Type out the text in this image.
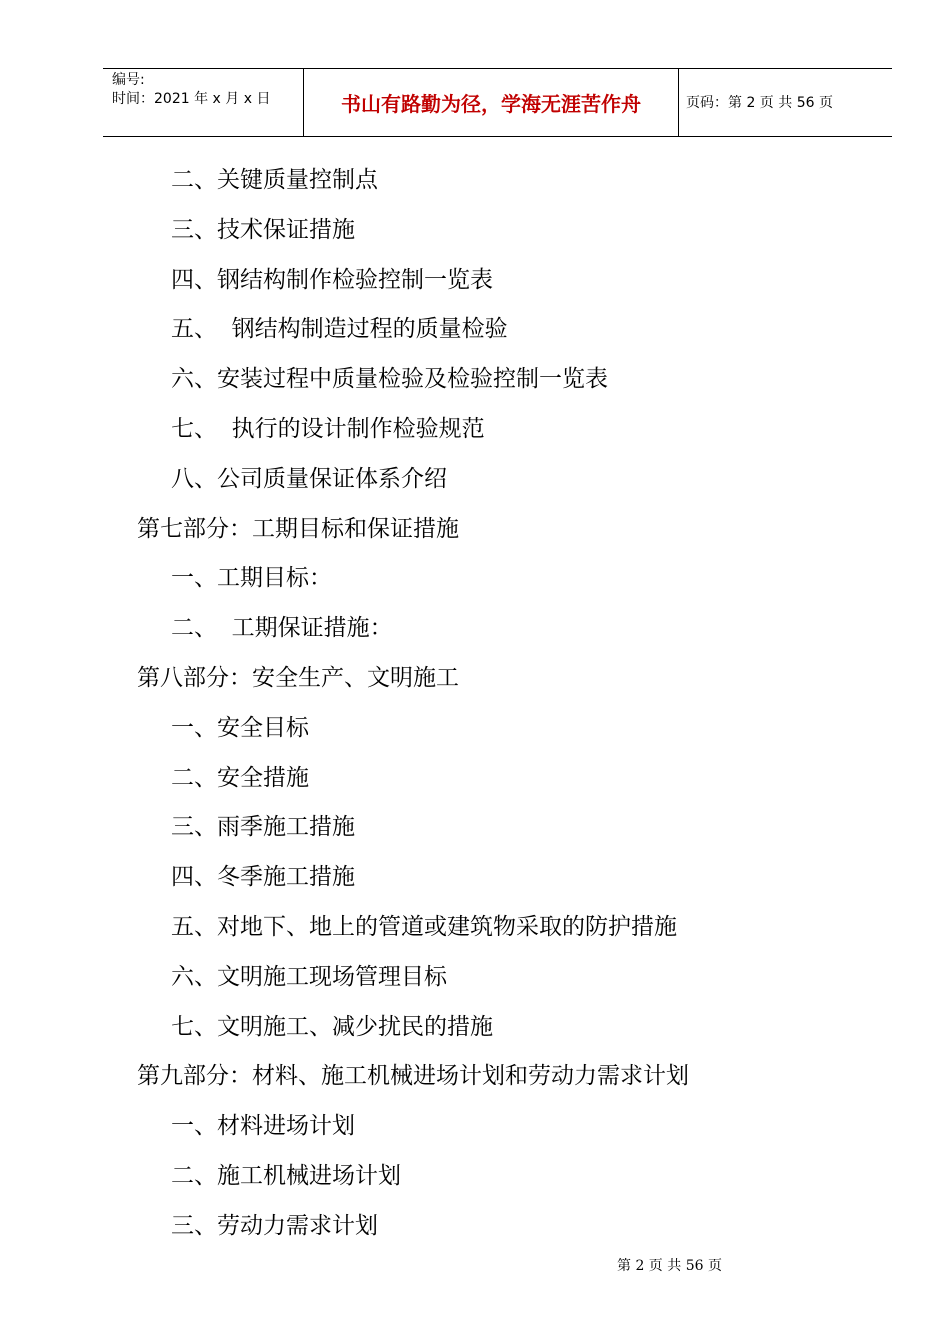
编号:
时间：2021 年 x 月 x 日	书山有路勤为径，学海无涯苦作舟	页码：第 2 页 共 56 页
二、关键质量控制点
三、技术保证措施
四、钢结构制作检验控制一览表
五、  钢结构制造过程的质量检验
六、安装过程中质量检验及检验控制一览表
七、  执行的设计制作检验规范
八、公司质量保证体系介绍
第七部分：工期目标和保证措施
一、工期目标：
二、  工期保证措施：
第八部分：安全生产、文明施工
一、安全目标
二、安全措施
三、雨季施工措施
四、冬季施工措施
五、对地下、地上的管道或建筑物采取的防护措施
六、文明施工现场管理目标
七、文明施工、减少扰民的措施
第九部分：材料、施工机械进场计划和劳动力需求计划
一、材料进场计划
二、施工机械进场计划
三、劳动力需求计划
第 2 页 共 56 页
